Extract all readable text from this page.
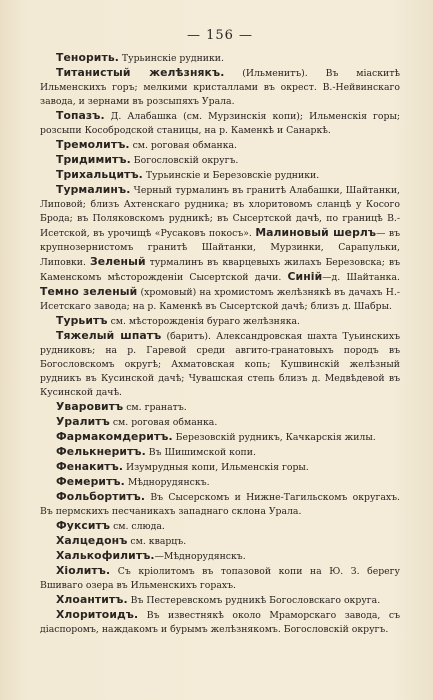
— 156 —

Тенорить. Турьинскіе рудники.

Титанистый желѣзнякъ. (Ильменитъ). Въ міаскитѣ Ильменскихъ горъ; мелкими кристаллами въ окрест. В.-Нейвинскаго завода, и зернами въ розсыпяхъ Урала.

Топазъ. Д. Алабашка (см. Мурзинскія копи); Ильменскія горы; розсыпи Кособродской станицы, на р. Каменкѣ и Санаркѣ.

Тремолитъ. см. роговая обманка.

Тридимитъ. Богословскій округъ.

Трихальцитъ. Турьинскіе и Березовскіе рудники.

Турмалинъ. Черный турмалинъ въ гранитѣ Алабашки, Шайтанки, Липовой; близъ Ахтенскаго рудника; въ хлоритовомъ сланцѣ у Косого Брода; въ Поляковскомъ рудникѣ; въ Сысертской дачѣ, по границѣ В.-Исетской, въ урочищѣ «Русаковъ покосъ». Малиновый шерлъ— въ крупнозернистомъ гранитѣ Шайтанки, Мурзинки, Сарапульки, Липовки. Зеленый турмалинъ въ кварцевыхъ жилахъ Березовска; въ Каменскомъ мѣсторожденіи Сысертской дачи. Синій—д. Шайтанка. Темно зеленый (хромовый) на хромистомъ желѣзнякѣ въ дачахъ Н.-Исетскаго завода; на р. Каменкѣ въ Сысертской дачѣ; близъ д. Шабры.

Турьитъ см. мѣсторожденія бураго желѣзняка.

Тяжелый шпатъ (баритъ). Александровская шахта Туьинскихъ рудниковъ; на р. Гаревой среди авгито-гранатовыхъ породъ въ Богословскомъ округѣ; Ахматовская копь; Кушвинскій желѣзный рудникъ въ Кусинской дачѣ; Чувашская степь близъ д. Медвѣдевой въ Кусинской дачѣ.

Уваровитъ см. гранатъ.

Уралитъ см. роговая обманка.

Фармакомдеритъ. Березовскій рудникъ, Качкарскія жилы.

Фелькнеритъ. Въ Шишимской копи.

Фенакитъ. Изумрудныя копи, Ильменскія горы.

Фемеритъ. Мѣднорудянскъ.

Фольбортитъ. Въ Сысерскомъ и Нижне-Тагильскомъ округахъ. Въ пермскихъ песчаникахъ западнаго склона Урала.

Фукситъ см. слюда.

Халцедонъ см. кварцъ.

Халькофилитъ.—Мѣднорудянскъ.

Хіолитъ. Съ кріолитомъ въ топазовой копи на Ю. З. берегу Вшиваго озера въ Ильменскихъ горахъ.

Хлоантитъ. Въ Пестеревскомъ рудникѣ Богословскаго округа.

Хлоритоидъ. Въ известнякѣ около Мраморскаго завода, съ діаспоромъ, наждакомъ и бурымъ желѣзнякомъ. Богословскій округъ.
